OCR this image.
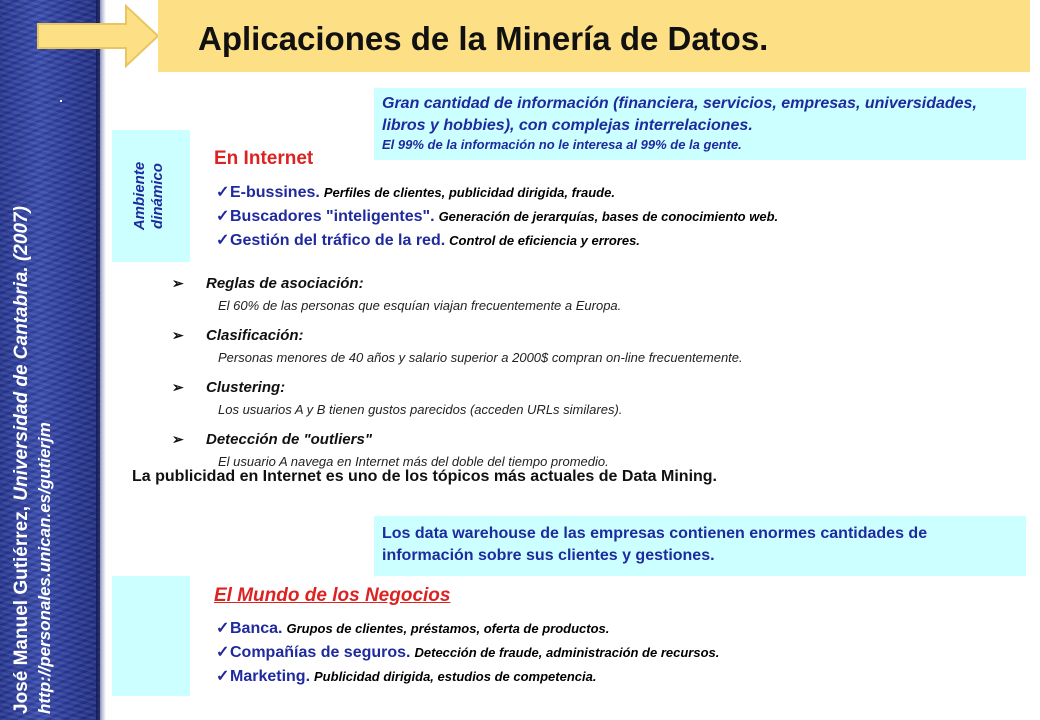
José Manuel Gutiérrez, Universidad de Cantabria. (2007)
http://personales.unican.es/gutierjm
Aplicaciones de la Minería de Datos.
Gran cantidad de información (financiera, servicios, empresas, universidades, libros y hobbies), con complejas interrelaciones.
El 99% de la información no le interesa al 99% de la gente.
Ambiente dinámico
En Internet
✓ E-bussines. Perfiles de clientes, publicidad dirigida, fraude.
✓ Buscadores "inteligentes". Generación de jerarquías, bases de conocimiento web.
✓ Gestión del tráfico de la red. Control de eficiencia y errores.
➢	Reglas de asociación:
El 60% de las personas que esquían viajan frecuentemente a Europa.
➢	Clasificación:
Personas menores de 40 años y salario superior a 2000$ compran on-line frecuentemente.
➢	Clustering:
Los usuarios A y B tienen gustos parecidos (acceden URLs similares).
➢	Detección de "outliers"
El usuario A navega en Internet más del doble del tiempo promedio.
La publicidad en Internet es uno de los tópicos más actuales de Data Mining.
Los data warehouse de las empresas contienen enormes cantidades de información sobre sus clientes y gestiones.
El Mundo de los Negocios
✓ Banca. Grupos de clientes, préstamos, oferta de productos.
✓ Compañías de seguros. Detección de fraude, administración de recursos.
✓ Marketing. Publicidad dirigida, estudios de competencia.
